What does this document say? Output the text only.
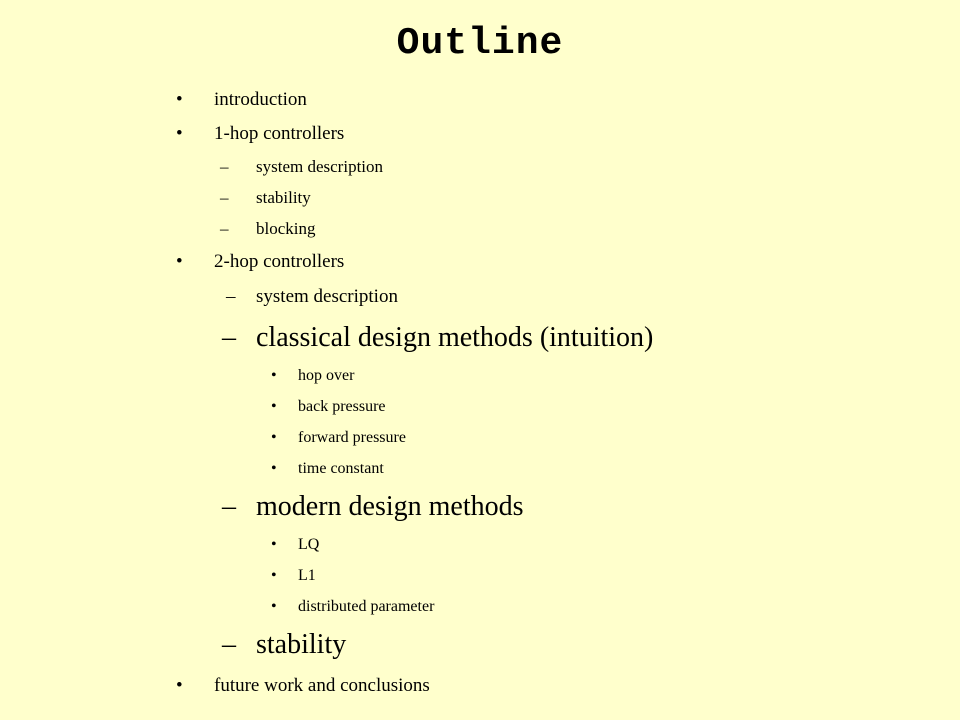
Outline
• introduction
• 1-hop controllers
– system description
– stability
– blocking
• 2-hop controllers
– system description
– classical design methods (intuition)
• hop over
• back pressure
• forward pressure
• time constant
– modern design methods
• LQ
• L1
• distributed parameter
– stability
• future work and conclusions
